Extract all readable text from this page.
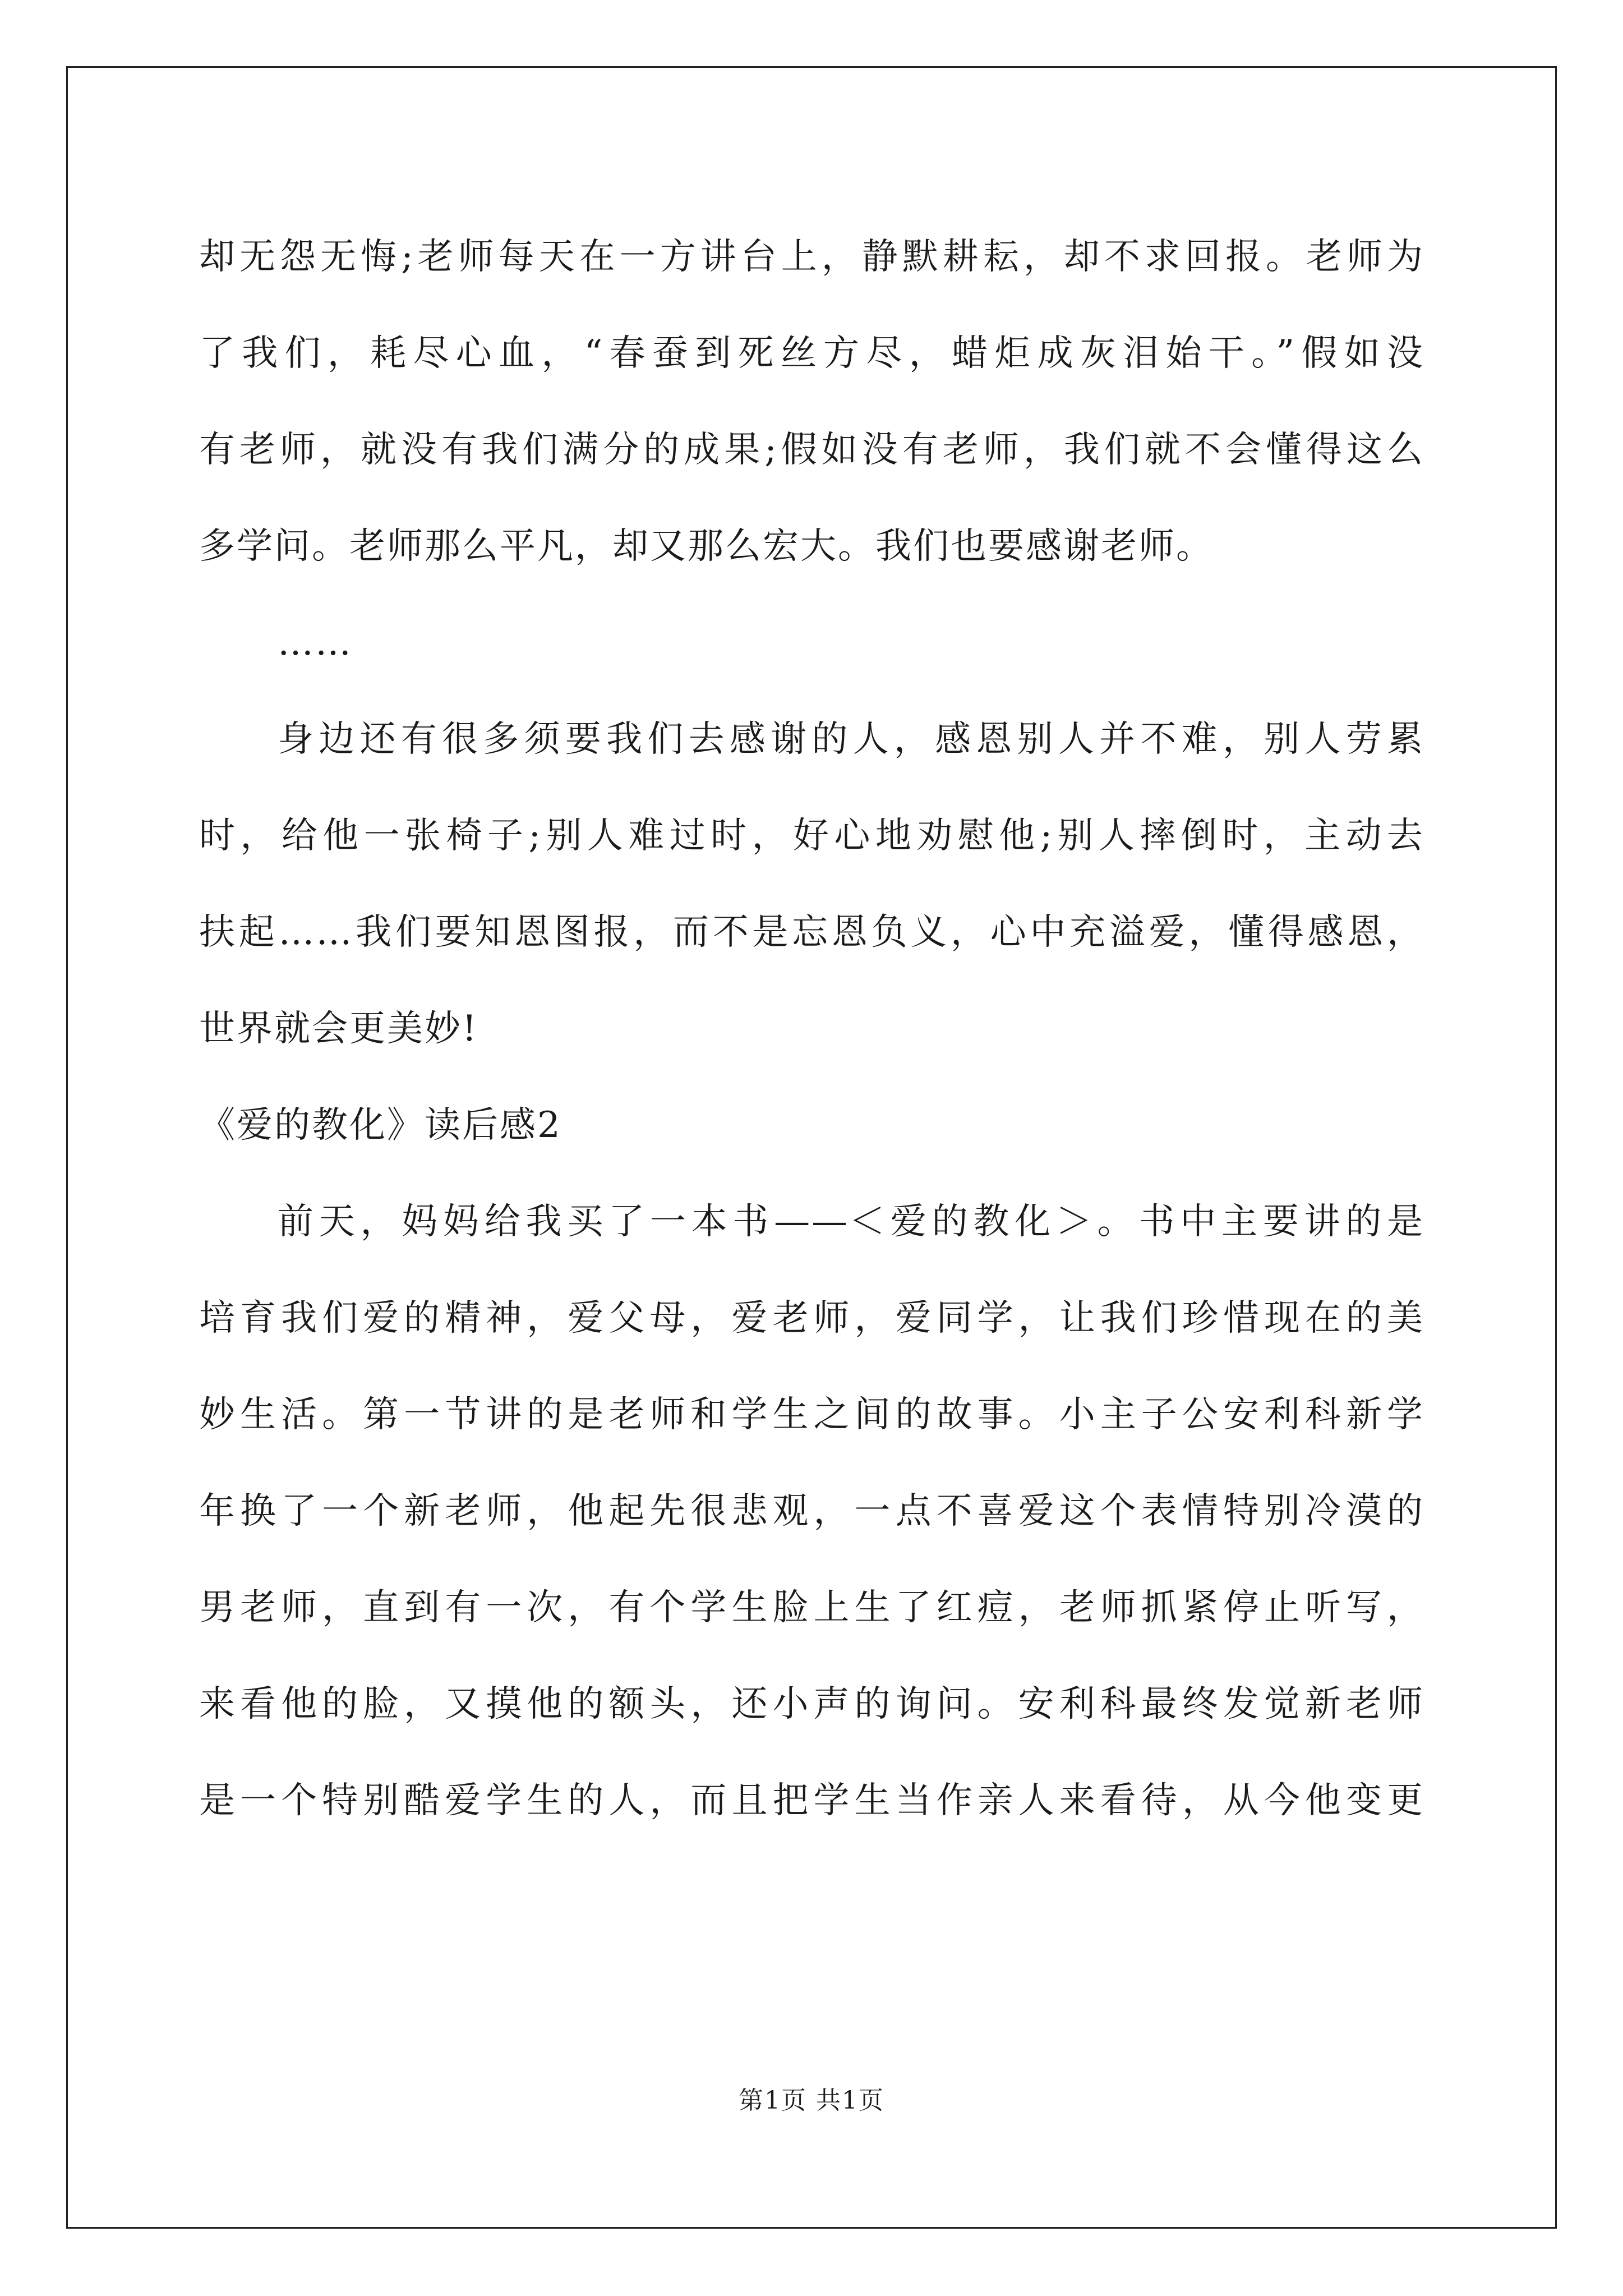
却无怨无悔;老师每天在一方讲台上，静默耕耘，却不求回报。老师为
了我们，耗尽心血，“春蚕到死丝方尽，蜡炬成灰泪始干。”假如没
有老师，就没有我们满分的成果;假如没有老师，我们就不会懂得这么
多学问。老师那么平凡，却又那么宏大。我们也要感谢老师。
……
身边还有很多须要我们去感谢的人，感恩别人并不难，别人劳累
时，给他一张椅子;别人难过时，好心地劝慰他;别人摔倒时，主动去
扶起……我们要知恩图报，而不是忘恩负义，心中充溢爱，懂得感恩，
世界就会更美妙!
《爱的教化》读后感2
前天，妈妈给我买了一本书——＜爱的教化＞。书中主要讲的是
培育我们爱的精神，爱父母，爱老师，爱同学，让我们珍惜现在的美
妙生活。第一节讲的是老师和学生之间的故事。小主子公安利科新学
年换了一个新老师，他起先很悲观，一点不喜爱这个表情特别冷漠的
男老师，直到有一次，有个学生脸上生了红痘，老师抓紧停止听写，
来看他的脸，又摸他的额头，还小声的询问。安利科最终发觉新老师
是一个特别酷爱学生的人，而且把学生当作亲人来看待，从今他变更
第1页 共1页
